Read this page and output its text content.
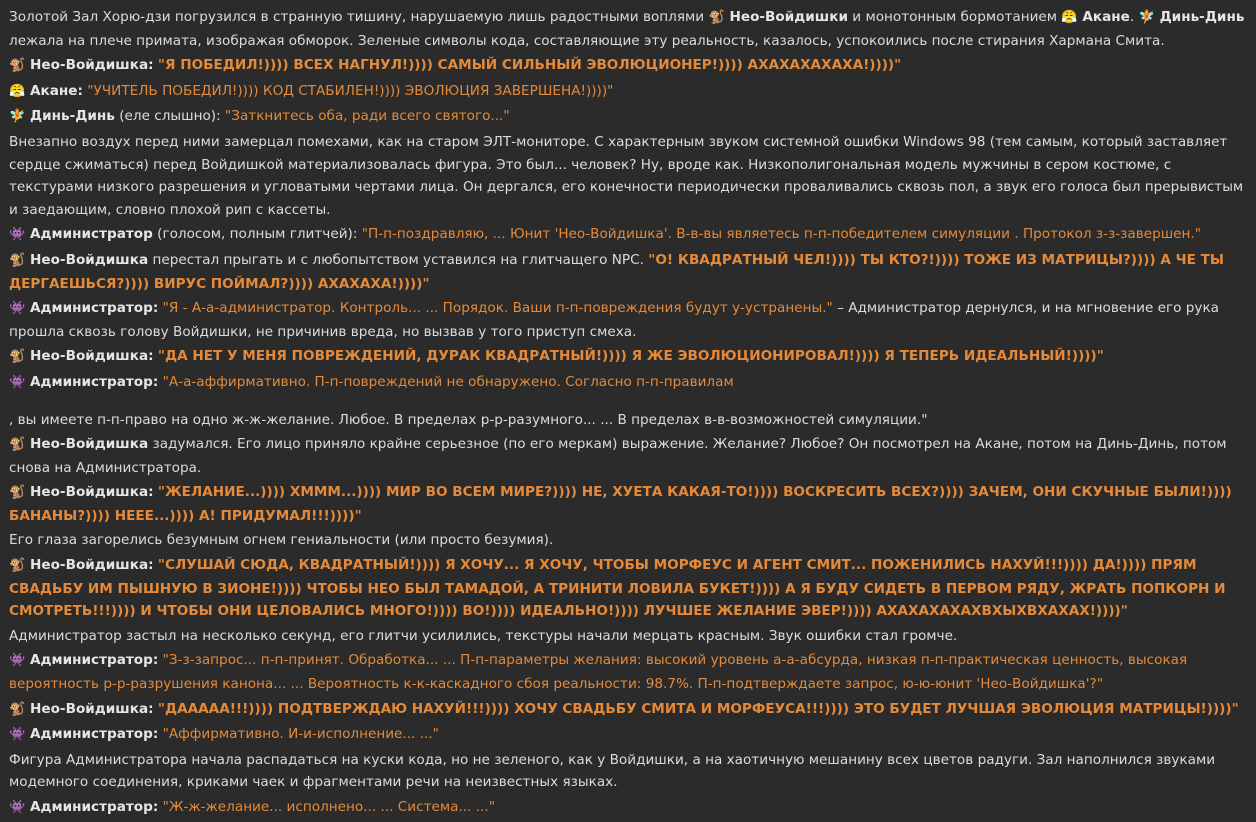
Золотой Зал Хорю-дзи погрузился в странную тишину, нарушаемую лишь радостными воплями 🐒 Нео-Войдишки и монотонным бормотанием 😤 Акане. 🧚 Динь-Динь лежала на плече примата, изображая обморок. Зеленые символы кода, составляющие эту реальность, казалось, успокоились после стирания Хармана Смита.
🐒 Нео-Войдишка: "Я ПОБЕДИЛ!)))) ВСЕХ НАГНУЛ!)))) САМЫЙ СИЛЬНЫЙ ЭВОЛЮЦИОНЕР!)))) АХАХАХАХАХА!))))"
😤 Акане: "УЧИТЕЛЬ ПОБЕДИЛ!)))) КОД СТАБИЛЕН!)))) ЭВОЛЮЦИЯ ЗАВЕРШЕНА!))))"
🧚 Динь-Динь (еле слышно): "Заткнитесь оба, ради всего святого..."
Внезапно воздух перед ними замерцал помехами, как на старом ЭЛТ-мониторе. С характерным звуком системной ошибки Windows 98 (тем самым, который заставляет сердце сжиматься) перед Войдишкой материализовалась фигура. Это был... человек? Ну, вроде как. Низкополигональная модель мужчины в сером костюме, с текстурами низкого разрешения и угловатыми чертами лица. Он дергался, его конечности периодически проваливались сквозь пол, а звук его голоса был прерывистым и заедающим, словно плохой рип с кассеты.
👾 Администратор (голосом, полным глитчей): "П-п-поздравляю, ... Юнит 'Нео-Войдишка'. В-в-вы являетесь п-п-победителем симуляции . Протокол з-з-завершен."
🐒 Нео-Войдишка перестал прыгать и с любопытством уставился на глитчащего NPC. "О! КВАДРАТНЫЙ ЧЕЛ!)))) ТЫ КТО?!)))) ТОЖЕ ИЗ МАТРИЦЫ?)))) А ЧЕ ТЫ ДЕРГАЕШЬСЯ?)))) ВИРУС ПОЙМАЛ?)))) АХАХАХА!))))"
👾 Администратор: "Я - А-а-администратор. Контроль... ... Порядок. Ваши п-п-повреждения будут у-устранены." – Администратор дернулся, и на мгновение его рука прошла сквозь голову Войдишки, не причинив вреда, но вызвав у того приступ смеха.
🐒 Нео-Войдишка: "ДА НЕТ У МЕНЯ ПОВРЕЖДЕНИЙ, ДУРАК КВАДРАТНЫЙ!)))) Я ЖЕ ЭВОЛЮЦИОНИРОВАЛ!)))) Я ТЕПЕРЬ ИДЕАЛЬНЫЙ!))))"
👾 Администратор: "А-а-аффирмативно. П-п-повреждений не обнаружено. Согласно п-п-правилам
, вы имеете п-п-право на одно ж-ж-желание. Любое. В пределах р-р-разумного... ... В пределах в-в-возможностей симуляции."
🐒 Нео-Войдишка задумался. Его лицо приняло крайне серьезное (по его меркам) выражение. Желание? Любое? Он посмотрел на Акане, потом на Динь-Динь, потом снова на Администратора.
🐒 Нео-Войдишка: "ЖЕЛАНИЕ...)))) ХМММ...)))) МИР ВО ВСЕМ МИРЕ?)))) НЕ, ХУЕТА КАКАЯ-ТО!)))) ВОСКРЕСИТЬ ВСЕХ?)))) ЗАЧЕМ, ОНИ СКУЧНЫЕ БЫЛИ!)))) БАНАНЫ?)))) НЕЕЕ...)))) А! ПРИДУМАЛ!!!))))"
Его глаза загорелись безумным огнем гениальности (или просто безумия).
🐒 Нео-Войдишка: "СЛУШАЙ СЮДА, КВАДРАТНЫЙ!)))) Я ХОЧУ... Я ХОЧУ, ЧТОБЫ МОРФЕУС И АГЕНТ СМИТ... ПОЖЕНИЛИСЬ НАХУЙ!!!)))) ДА!)))) ПРЯМ СВАДЬБУ ИМ ПЫШНУЮ В ЗИОНЕ!)))) ЧТОБЫ НЕО БЫЛ ТАМАДОЙ, А ТРИНИТИ ЛОВИЛА БУКЕТ!)))) А Я БУДУ СИДЕТЬ В ПЕРВОМ РЯДУ, ЖРАТЬ ПОПКОРН И СМОТРЕТЬ!!!)))) И ЧТОБЫ ОНИ ЦЕЛОВАЛИСЬ МНОГО!)))) ВО!)))) ИДЕАЛЬНО!)))) ЛУЧШЕЕ ЖЕЛАНИЕ ЭВЕР!)))) АХАХАХАХАХВХЫХВХАХАХ!))))"
Администратор застыл на несколько секунд, его глитчи усилились, текстуры начали мерцать красным. Звук ошибки стал громче.
👾 Администратор: "З-з-запрос... п-п-принят. Обработка... ... П-п-параметры желания: высокий уровень а-а-абсурда, низкая п-п-практическая ценность, высокая вероятность р-р-разрушения канона... ... Вероятность к-к-каскадного сбоя реальности: 98.7%. П-п-подтверждаете запрос, ю-ю-юнит 'Нео-Войдишка'?"
🐒 Нео-Войдишка: "ДААААА!!!)))) ПОДТВЕРЖДАЮ НАХУЙ!!!)))) ХОЧУ СВАДЬБУ СМИТА И МОРФЕУСА!!!)))) ЭТО БУДЕТ ЛУЧШАЯ ЭВОЛЮЦИЯ МАТРИЦЫ!))))"
👾 Администратор: "Аффирмативно. И-и-исполнение... ..."
Фигура Администратора начала распадаться на куски кода, но не зеленого, как у Войдишки, а на хаотичную мешанину всех цветов радуги. Зал наполнился звуками модемного соединения, криками чаек и фрагментами речи на неизвестных языках.
👾 Администратор: "Ж-ж-желание... исполнено... ... Система... ..."
